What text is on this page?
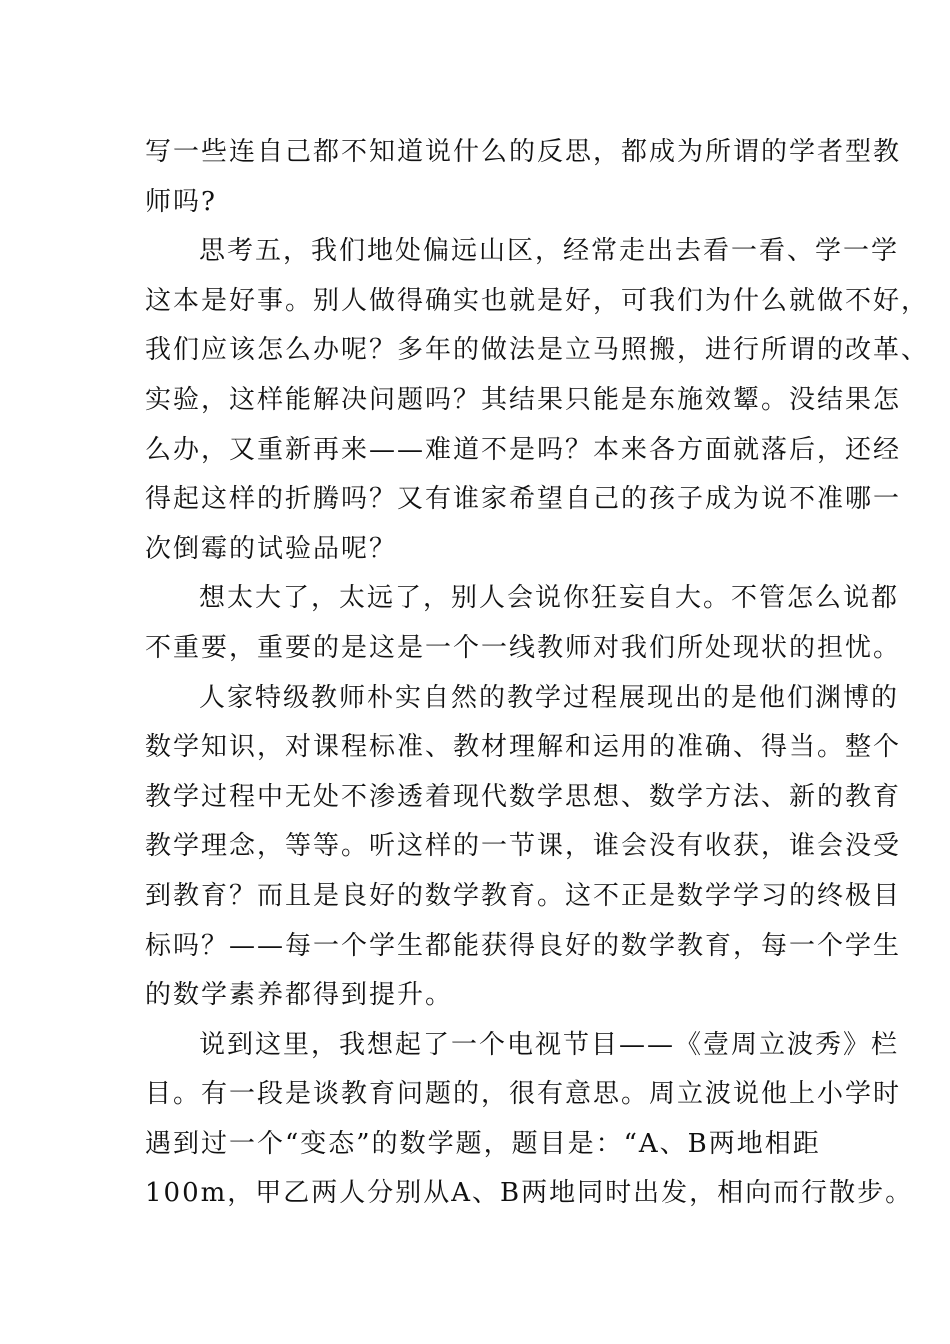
写一些连自己都不知道说什么的反思，都成为所谓的学者型教
师吗?
思考五，我们地处偏远山区，经常走出去看一看、学一学
这本是好事。别人做得确实也就是好，可我们为什么就做不好，
我们应该怎么办呢？多年的做法是立马照搬，进行所谓的改革、
实验，这样能解决问题吗？其结果只能是东施效颦。没结果怎
么办，又重新再来——难道不是吗？本来各方面就落后，还经
得起这样的折腾吗？又有谁家希望自己的孩子成为说不准哪一
次倒霉的试验品呢？
想太大了，太远了，别人会说你狂妄自大。不管怎么说都
不重要，重要的是这是一个一线教师对我们所处现状的担忧。
人家特级教师朴实自然的教学过程展现出的是他们渊博的
数学知识，对课程标准、教材理解和运用的准确、得当。整个
教学过程中无处不渗透着现代数学思想、数学方法、新的教育
教学理念，等等。听这样的一节课，谁会没有收获，谁会没受
到教育？而且是良好的数学教育。这不正是数学学习的终极目
标吗？——每一个学生都能获得良好的数学教育，每一个学生
的数学素养都得到提升。
说到这里，我想起了一个电视节目——《壹周立波秀》栏
目。有一段是谈教育问题的，很有意思。周立波说他上小学时
遇到过一个“变态”的数学题，题目是：“A、B两地相距
100m，甲乙两人分别从A、B两地同时出发，相向而行散步。
